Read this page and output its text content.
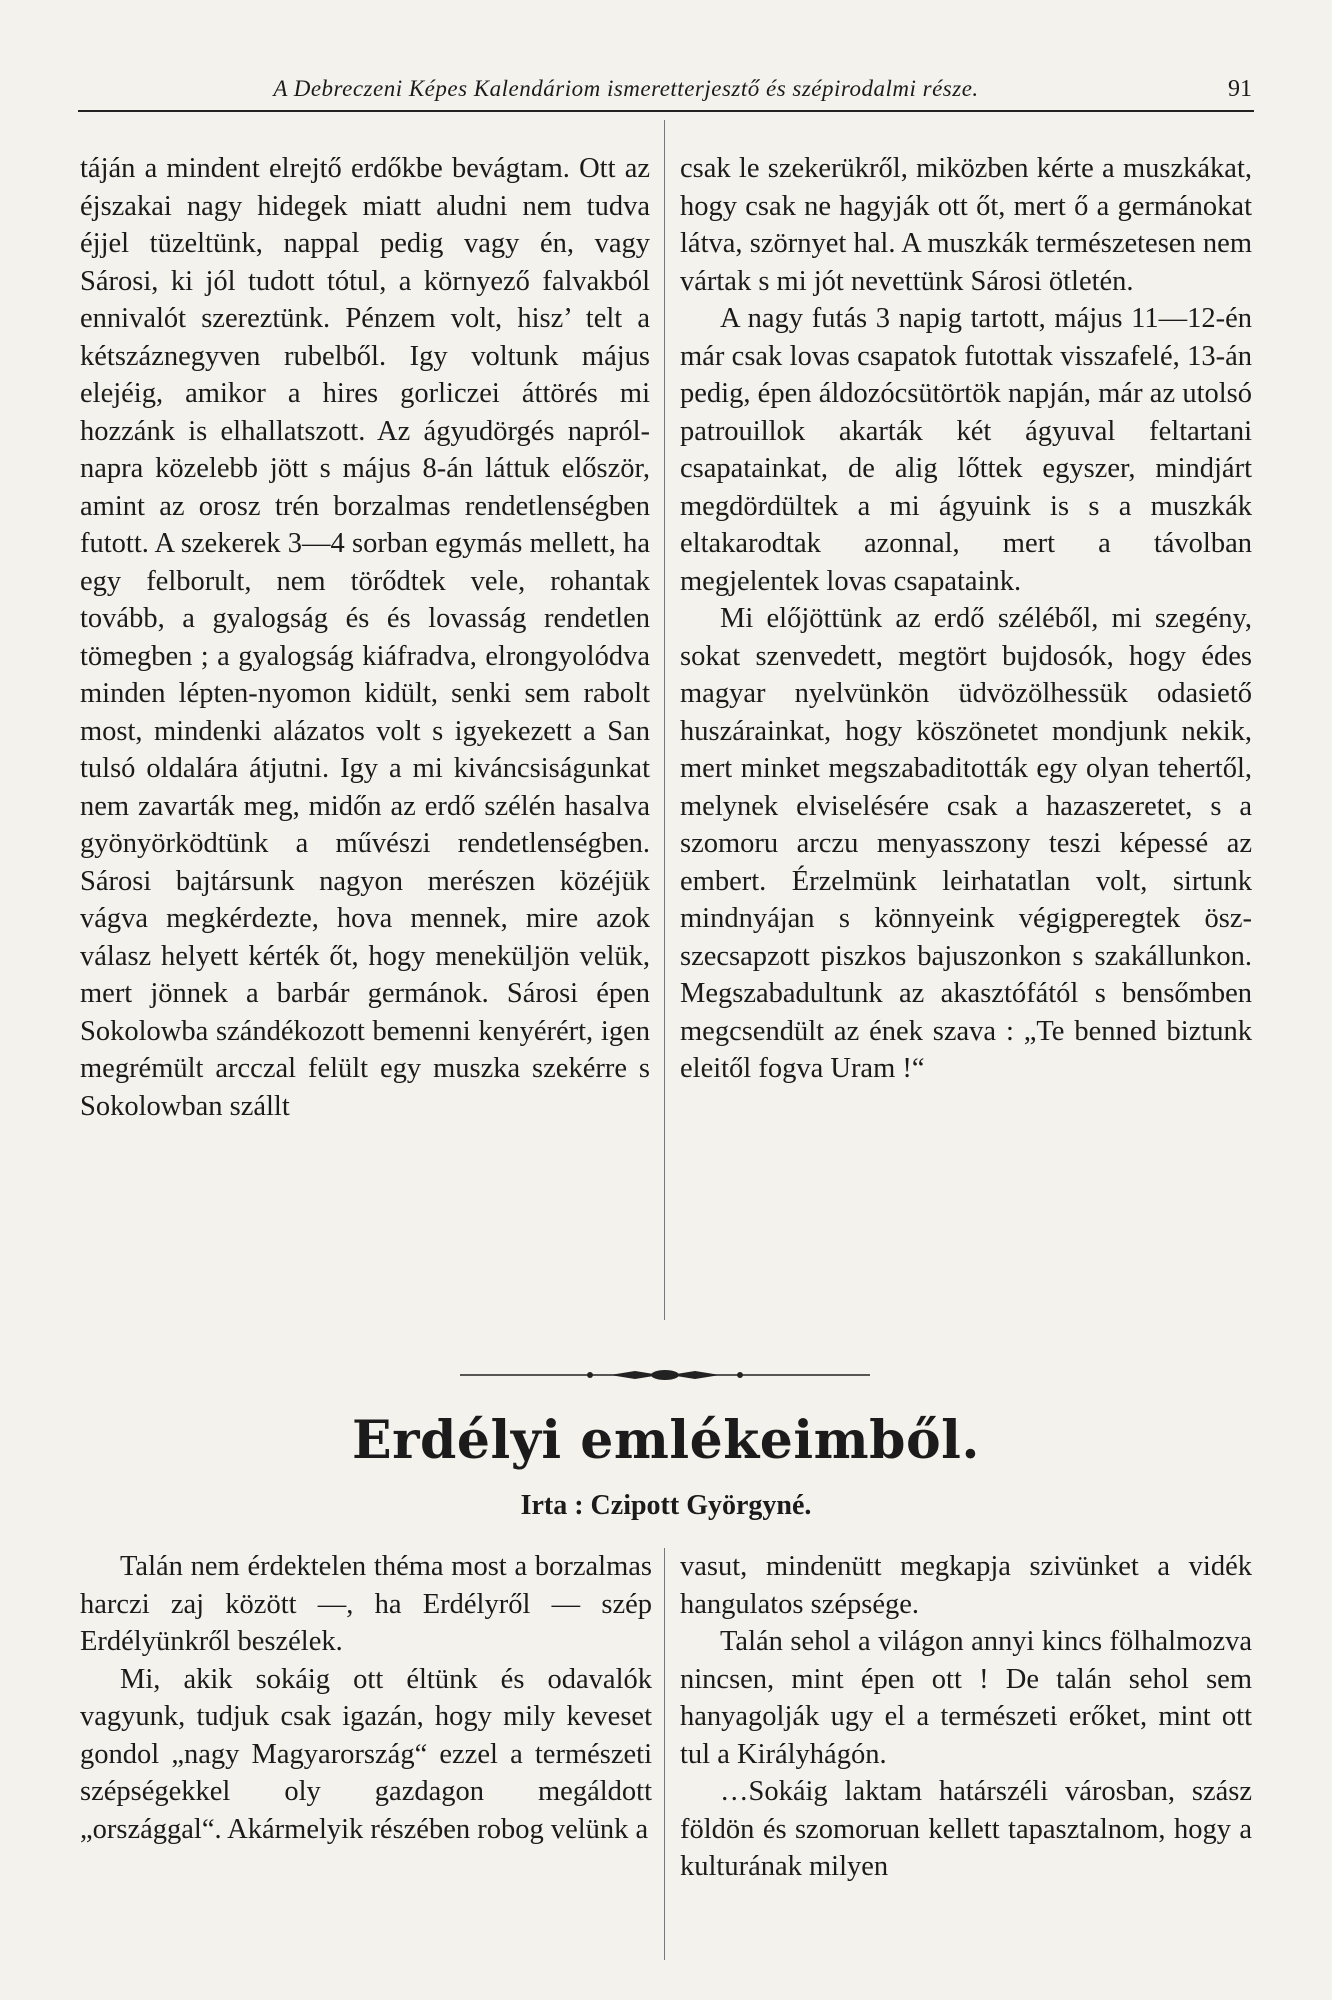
A Debreczeni Képes Kalendáriom ismeretterjesztő és szépirodalmi része.	91

táján a mindent elrejtő erdőkbe bevágtam. Ott az éjszakai nagy hidegek miatt aludni nem tudva éjjel tüzeltünk, nappal pedig vagy én, vagy Sárosi, ki jól tudott tótul, a környező falvakból ennivalót szereztünk. Pénzem volt, hisz’ telt a kétszáznegyven rubelből. Igy voltunk május elejéig, amikor a hires gorliczei áttörés mi hozzánk is elhallatszott. Az ágyudörgés napról-napra közelebb jött s május 8-án láttuk először, amint az orosz trén borzalmas rendetlenségben futott. A szekerek 3—4 sorban egymás mellett, ha egy felborult, nem törődtek vele, rohantak tovább, a gyalogság és és lovasság rendetlen tömegben ; a gyalogság kiáfradva, elrongyolódva minden lépten-nyomon kidült, senki sem rabolt most, mindenki alázatos volt s igyekezett a San tulsó oldalára átjutni. Igy a mi kiváncsiságunkat nem zavarták meg, midőn az erdő szélén hasalva gyönyörködtünk a művészi rendetlenségben. Sárosi bajtársunk nagyon merészen közéjük vágva megkérdezte, hova mennek, mire azok válasz helyett kérték őt, hogy meneküljön velük, mert jönnek a barbár germánok. Sárosi épen Sokolowba szándékozott bemenni kenyérért, igen megrémült arcczal felült egy muszka szekérre s Sokolowban szállt

csak le szekerükről, miközben kérte a muszkákat, hogy csak ne hagyják ott őt, mert ő a germánokat látva, szörnyet hal. A muszkák természetesen nem vártak s mi jót nevettünk Sárosi ötletén.

A nagy futás 3 napig tartott, május 11—12-én már csak lovas csapatok futottak visszafelé, 13-án pedig, épen áldozócsütörtök napján, már az utolsó patrouillok akarták két ágyuval feltartani csapatainkat, de alig lőttek egyszer, mindjárt megdördültek a mi ágyuink is s a muszkák eltakarodtak azonnal, mert a távolban megjelentek lovas csapataink.

Mi előjöttünk az erdő széléből, mi szegény, sokat szenvedett, megtört bujdosók, hogy édes magyar nyelvünkön üdvözölhessük odasiető huszárainkat, hogy köszönetet mondjunk nekik, mert minket megszabaditották egy olyan tehertől, melynek elviselésére csak a hazaszeretet, s a szomoru arczu menyasszony teszi képessé az embert. Érzelmünk leirhatatlan volt, sirtunk mindnyájan s könnyeink végigperegtek öszszecsapzott piszkos bajuszonkon s szakállunkon. Megszabadultunk az akasztófától s bensőmben megcsendült az ének szava : „Te benned biztunk eleitől fogva Uram !“

Erdélyi emlékeimből.
Irta : Czipott Györgyné.

Talán nem érdektelen théma most a borzalmas harczi zaj között —, ha Erdélyről — szép Erdélyünkről beszélek.

Mi, akik sokáig ott éltünk és odavalók vagyunk, tudjuk csak igazán, hogy mily keveset gondol „nagy Magyarország“ ezzel a természeti szépségekkel oly gazdagon megáldott „országgal“. Akármelyik részében robog velünk a

vasut, mindenütt megkapja szivünket a vidék hangulatos szépsége.

Talán sehol a világon annyi kincs fölhalmozva nincsen, mint épen ott ! De talán sehol sem hanyagolják ugy el a természeti erőket, mint ott tul a Királyhágón.

…Sokáig laktam határszéli városban, szász földön és szomoruan kellett tapasztalnom, hogy a kulturának milyen
